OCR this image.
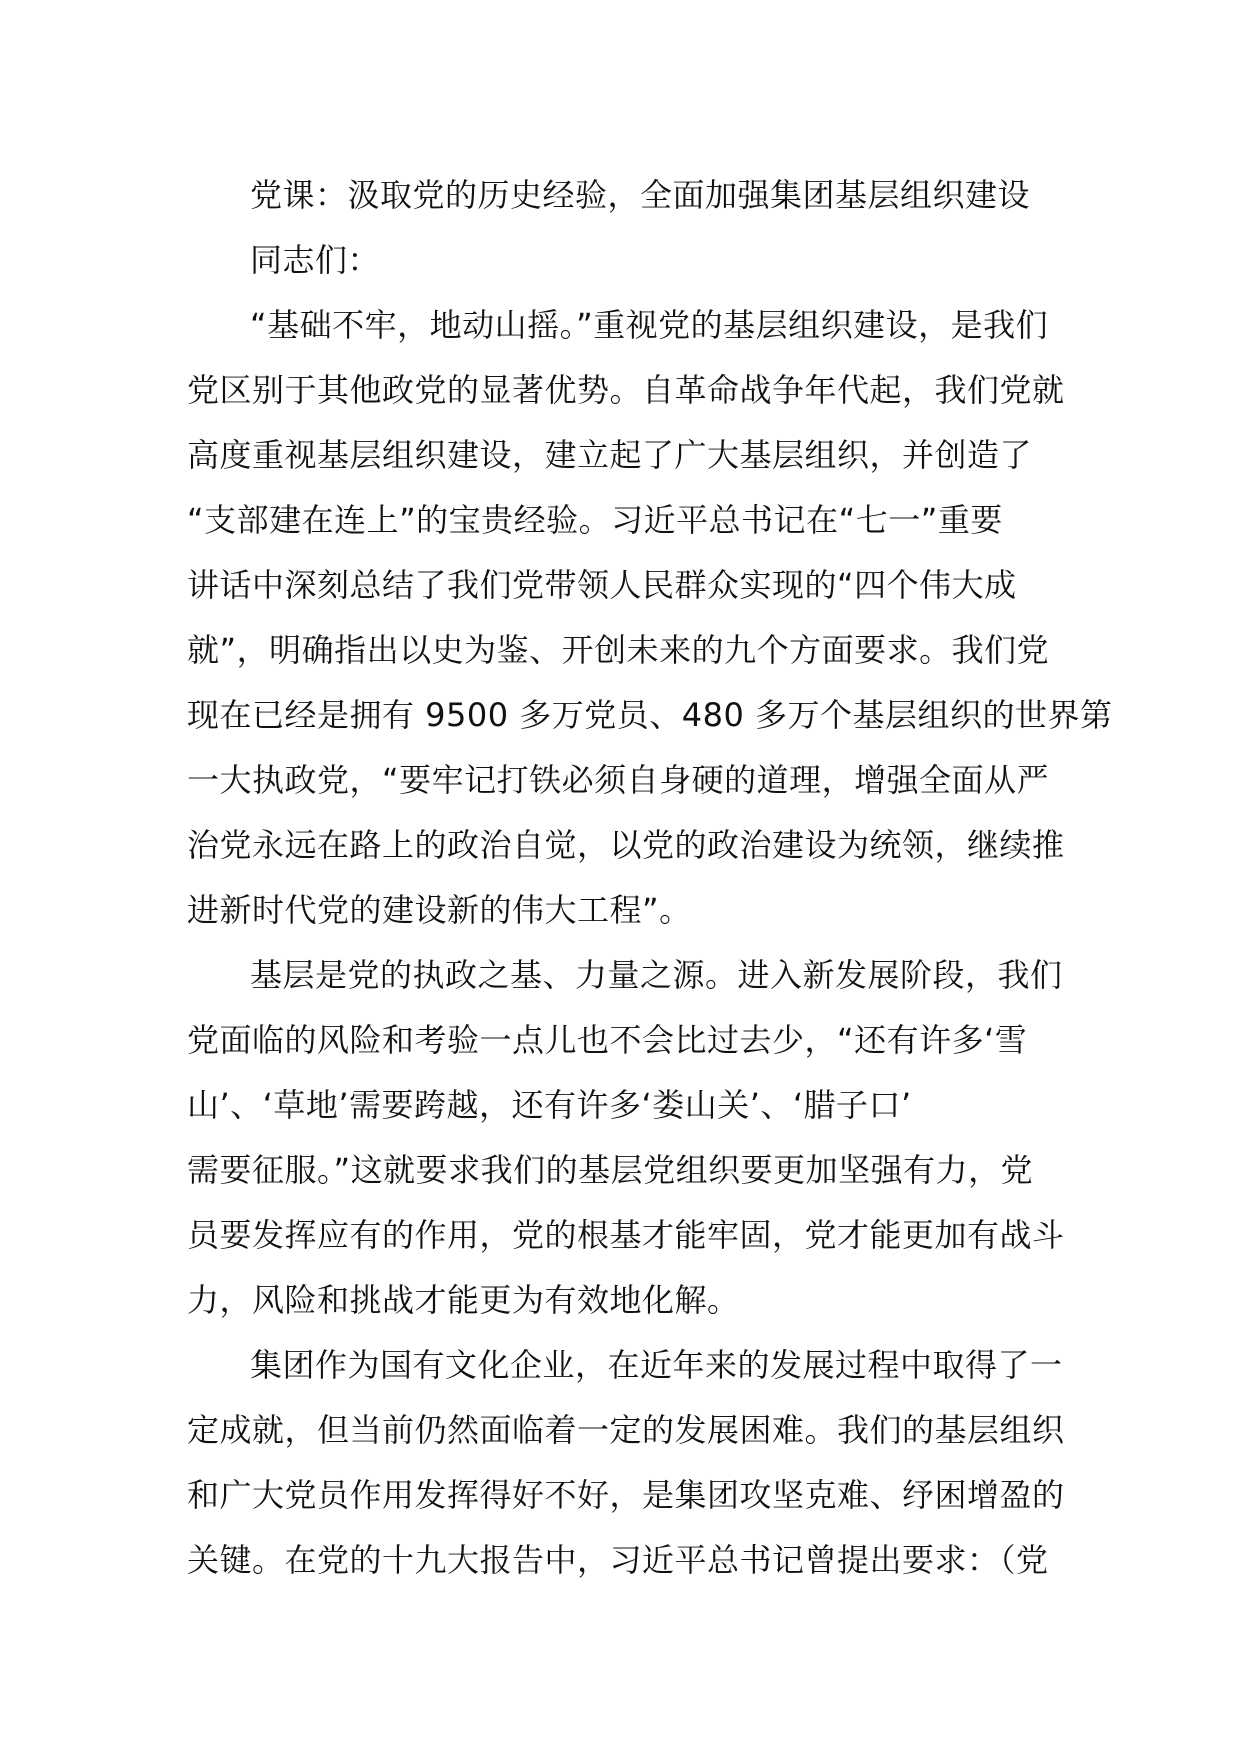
党课：汲取党的历史经验，全面加强集团基层组织建设
同志们：
“基础不牢，地动山摇。”重视党的基层组织建设，是我们
党区别于其他政党的显著优势。自革命战争年代起，我们党就
高度重视基层组织建设，建立起了广大基层组织，并创造了
“支部建在连上”的宝贵经验。习近平总书记在“七一”重要
讲话中深刻总结了我们党带领人民群众实现的“四个伟大成
就”，明确指出以史为鉴、开创未来的九个方面要求。我们党
现在已经是拥有 9500 多万党员、480 多万个基层组织的世界第
一大执政党，“要牢记打铁必须自身硬的道理，增强全面从严
治党永远在路上的政治自觉，以党的政治建设为统领，继续推
进新时代党的建设新的伟大工程”。
基层是党的执政之基、力量之源。进入新发展阶段，我们
党面临的风险和考验一点儿也不会比过去少，“还有许多‘雪
山’、‘草地’需要跨越，还有许多‘娄山关’、‘腊子口’
需要征服。”这就要求我们的基层党组织要更加坚强有力，党
员要发挥应有的作用，党的根基才能牢固，党才能更加有战斗
力，风险和挑战才能更为有效地化解。
集团作为国有文化企业，在近年来的发展过程中取得了一
定成就，但当前仍然面临着一定的发展困难。我们的基层组织
和广大党员作用发挥得好不好，是集团攻坚克难、纾困增盈的
关键。在党的十九大报告中，习近平总书记曾提出要求：（党
